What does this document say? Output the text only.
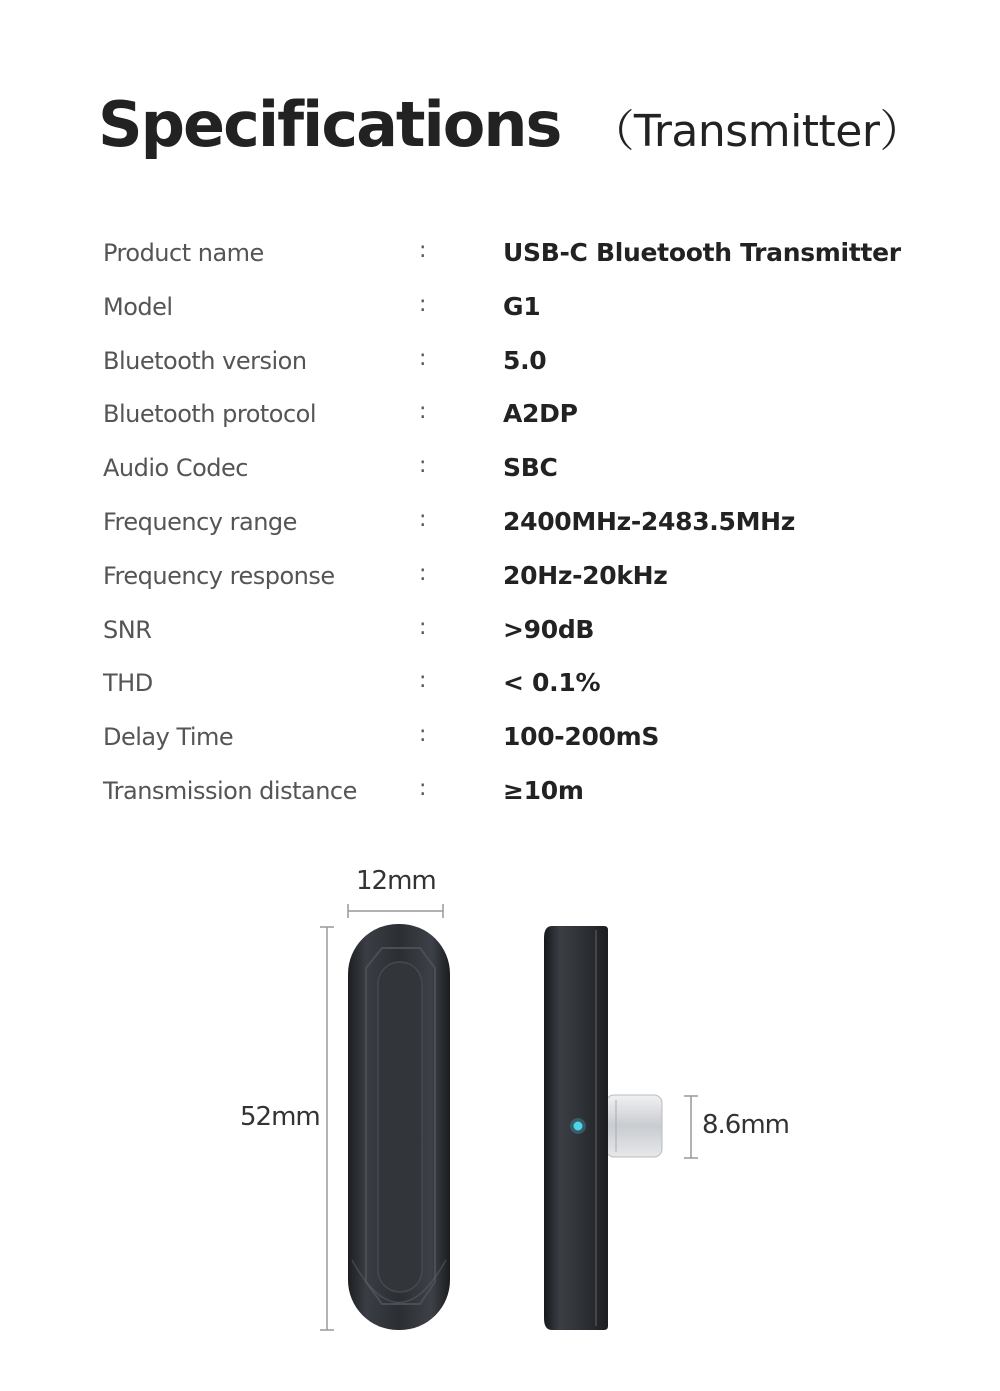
Specifications （Transmitter）
Product name	:	USB-C Bluetooth Transmitter
Model	:	G1
Bluetooth version	:	5.0
Bluetooth protocol	:	A2DP
Audio Codec	:	SBC
Frequency range	:	2400MHz-2483.5MHz
Frequency response	:	20Hz-20kHz
SNR	:	>90dB
THD	:	< 0.1%
Delay Time	:	100-200mS
Transmission distance	:	≥10m
12mm
52mm	8.6mm
